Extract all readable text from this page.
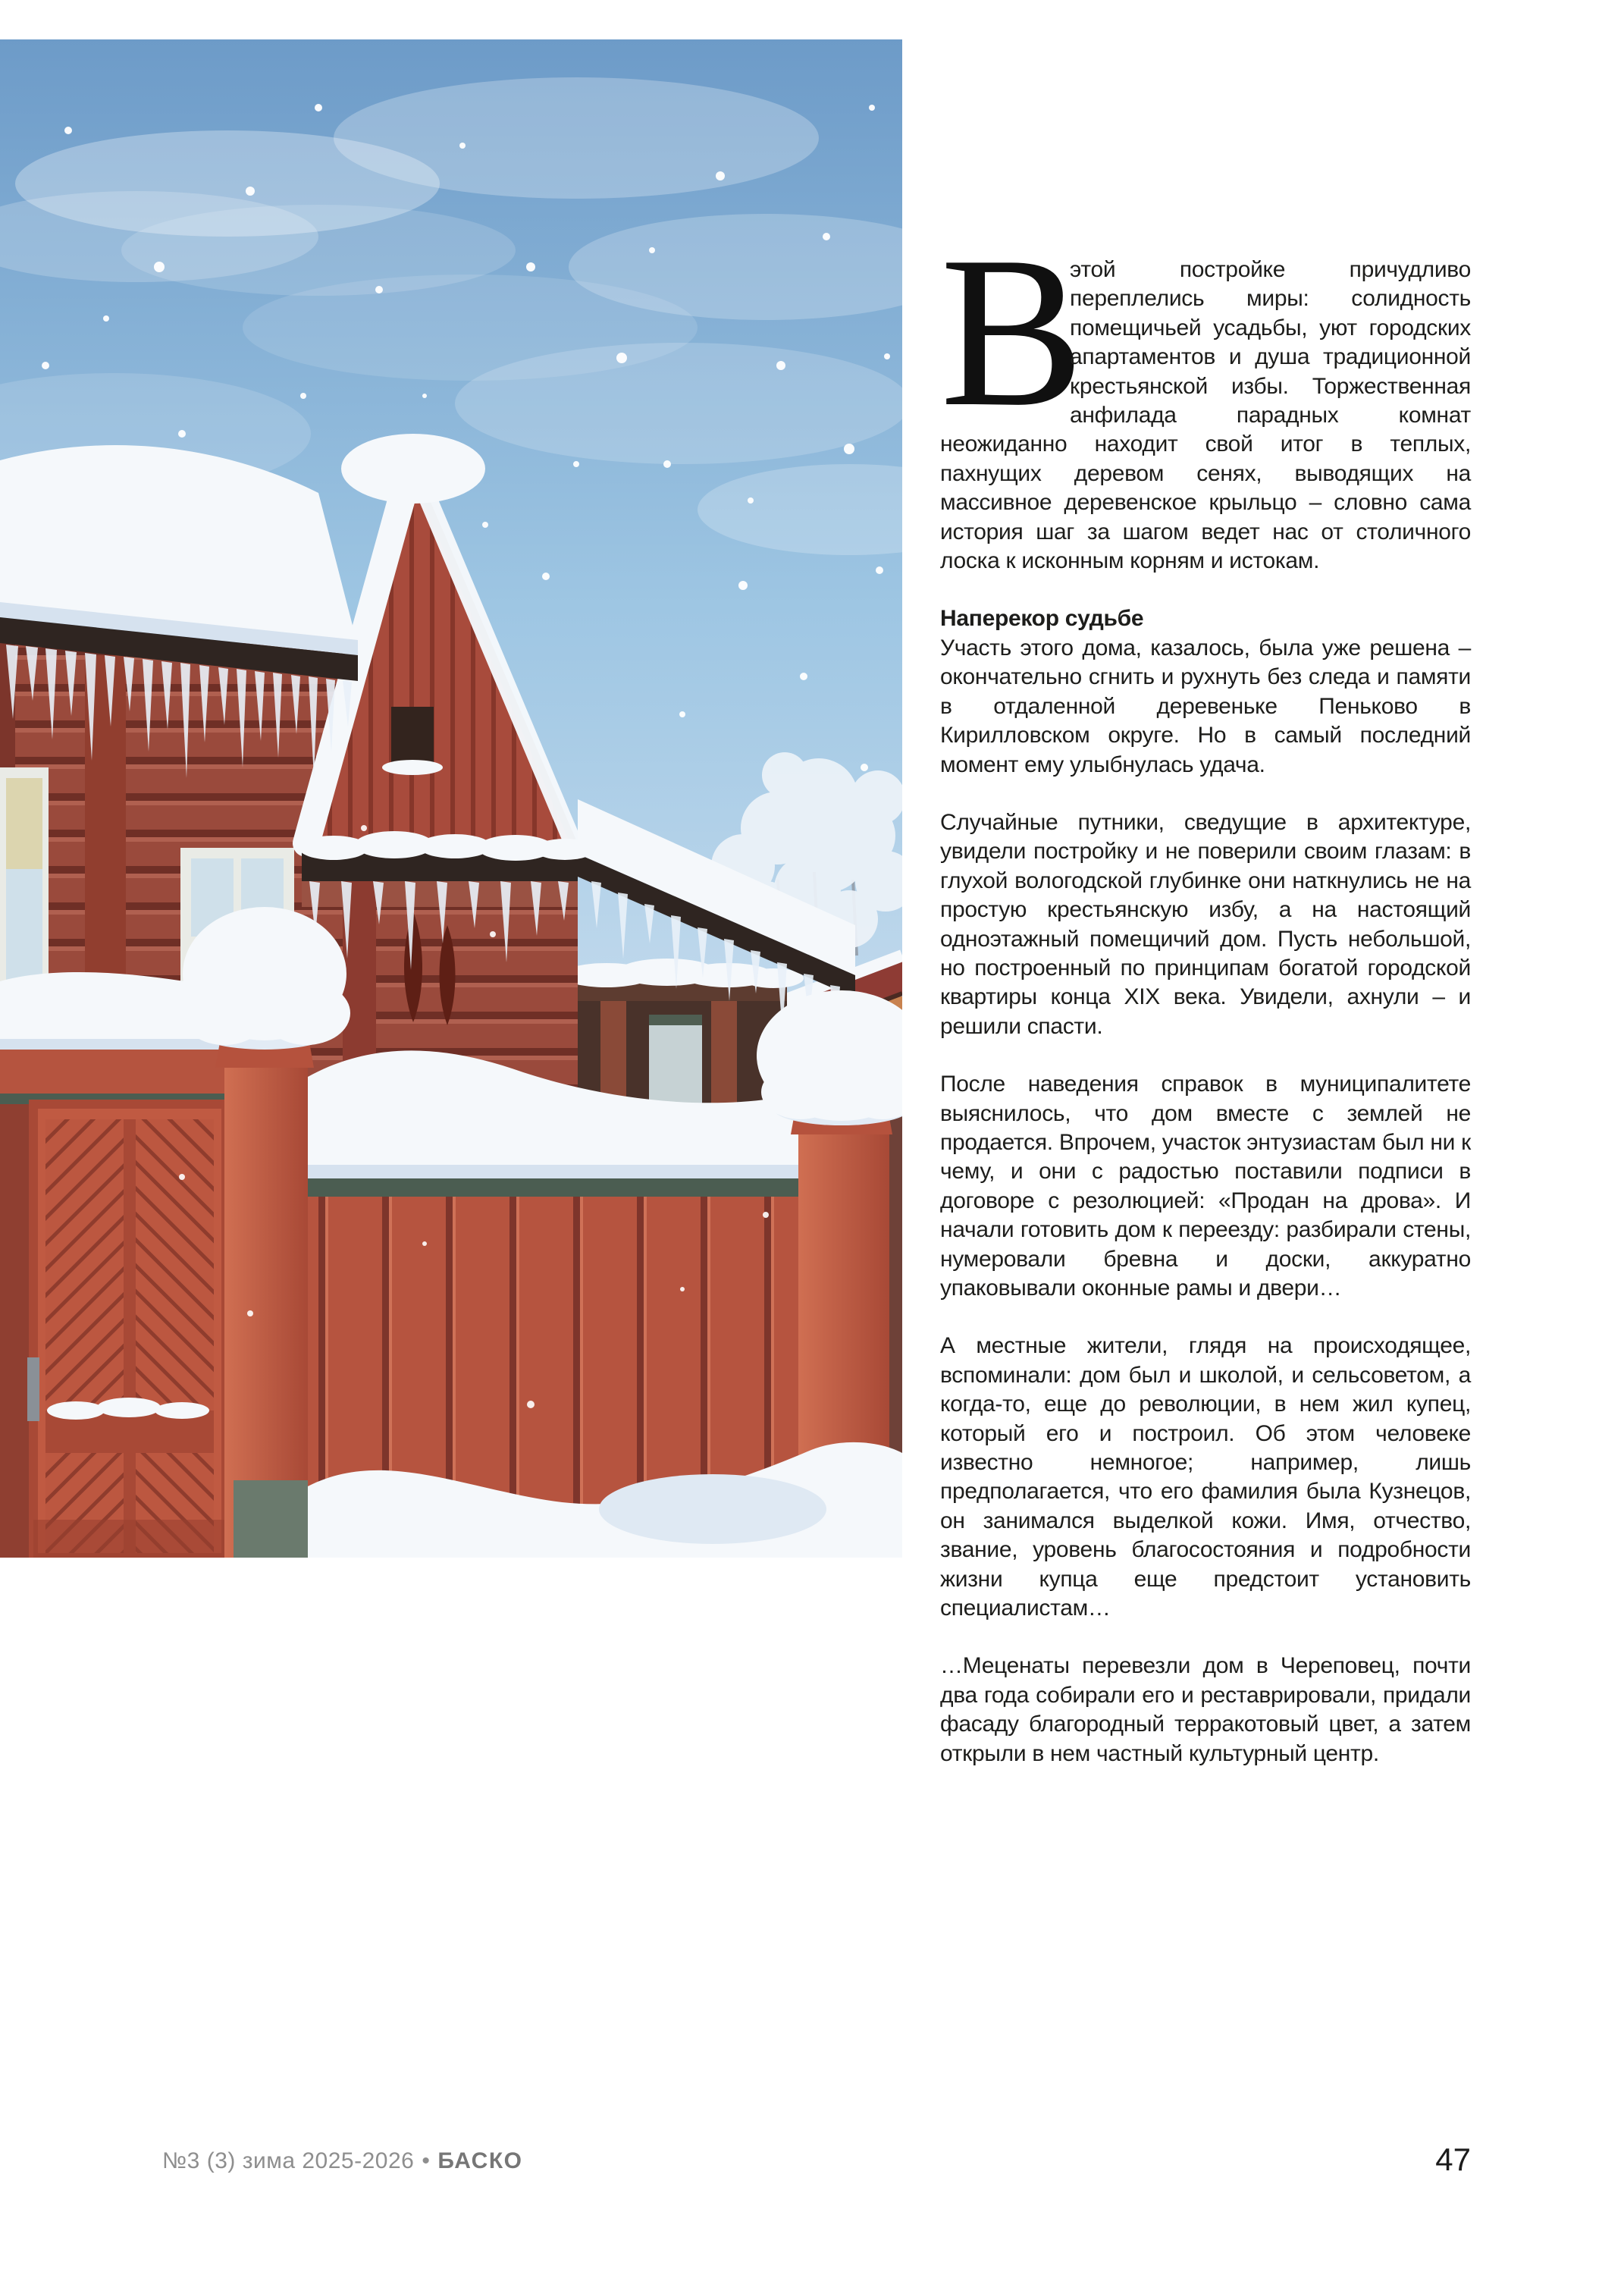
В
этой постройке причудливо переплелись миры: солидность помещичьей усадьбы, уют городских апартаментов и душа традиционной крестьянской избы. Торжественная анфилада парадных комнат неожиданно находит свой итог в теплых, пахнущих деревом сенях, выводящих на массивное деревенское крыльцо – словно сама история шаг за шагом ведет нас от столичного лоска к исконным корням и истокам.

Наперекор судьбе

Участь этого дома, казалось, была уже решена – окончательно сгнить и рухнуть без следа и памяти в отдаленной деревеньке Пеньково в Кирилловском округе. Но в самый последний момент ему улыбнулась удача.

Случайные путники, сведущие в архитектуре, увидели постройку и не поверили своим глазам: в глухой вологодской глубинке они наткнулись не на простую крестьянскую избу, а на настоящий одноэтажный помещичий дом. Пусть небольшой, но построенный по принципам богатой городской квартиры конца XIX века. Увидели, ахнули – и решили спасти.

После наведения справок в муниципалитете выяснилось, что дом вместе с землей не продается. Впрочем, участок энтузиастам был ни к чему, и они с радостью поставили подписи в договоре с резолюцией: «Продан на дрова». И начали готовить дом к переезду: разбирали стены, нумеровали бревна и доски, аккуратно упаковывали оконные рамы и двери…

А местные жители, глядя на происходящее, вспоминали: дом был и школой, и сельсоветом, а когда-то, еще до революции, в нем жил купец, который его и построил. Об этом человеке известно немногое; например, лишь предполагается, что его фамилия была Кузнецов, он занимался выделкой кожи. Имя, отчество, звание, уровень благосостояния и подробности жизни купца еще предстоит установить специалистам…

…Меценаты перевезли дом в Череповец, почти два года собирали его и реставрировали, придали фасаду благородный терракотовый цвет, а затем открыли в нем частный культурный центр.

№3 (3) зима 2025-2026 • БАСКО	47
